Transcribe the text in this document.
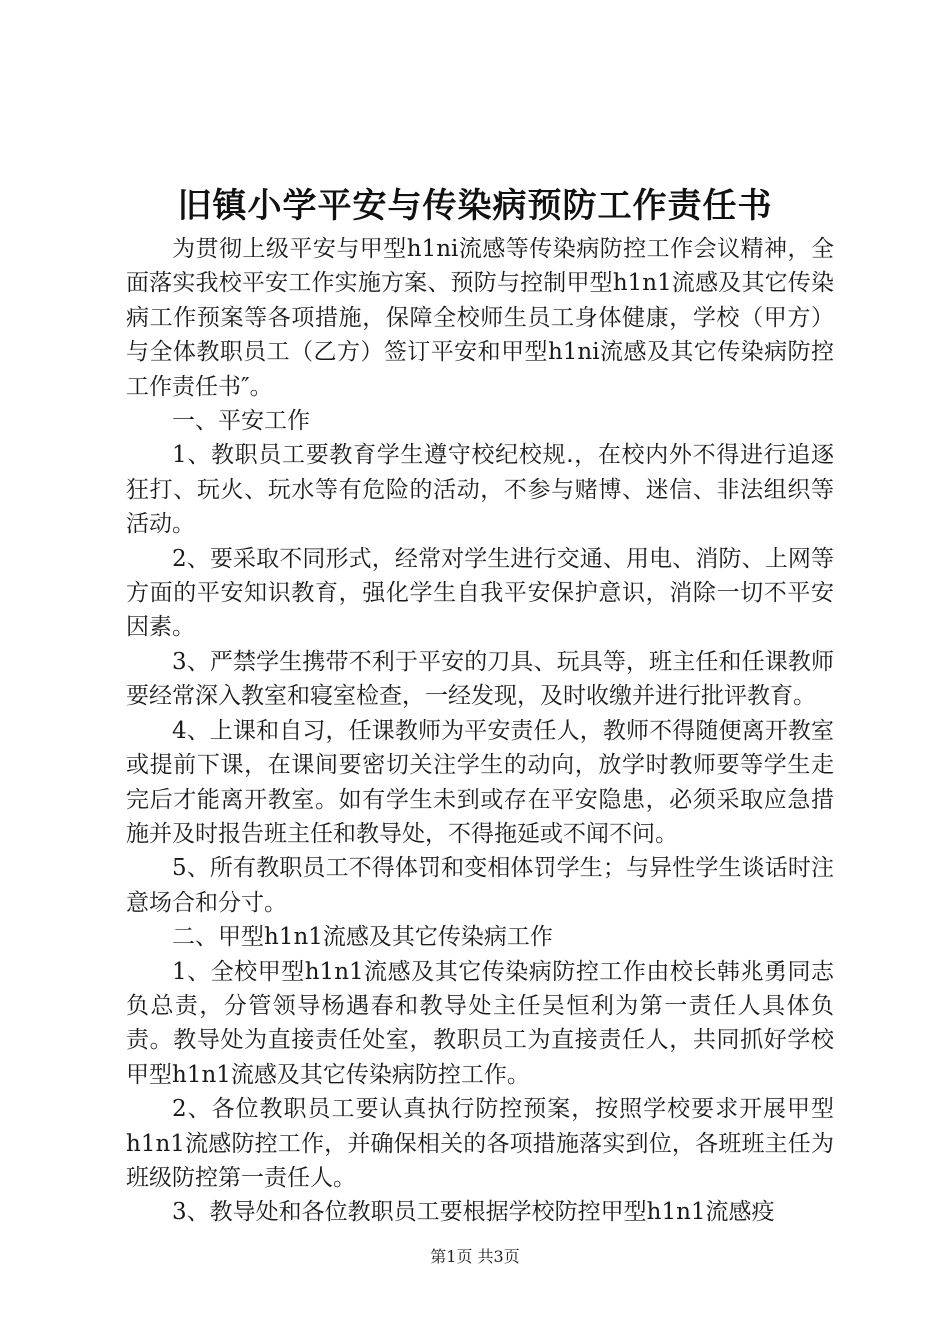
旧镇小学平安与传染病预防工作责任书

为贯彻上级平安与甲型h1ni流感等传染病防控工作会议精神，全面落实我校平安工作实施方案、预防与控制甲型h1n1流感及其它传染病工作预案等各项措施，保障全校师生员工身体健康，学校（甲方）与全体教职员工（乙方）签订平安和甲型h1ni流感及其它传染病防控工作责任书″。

一、平安工作

1、教职员工要教育学生遵守校纪校规.，在校内外不得进行追逐狂打、玩火、玩水等有危险的活动，不参与赌博、迷信、非法组织等活动。

2、要采取不同形式，经常对学生进行交通、用电、消防、上网等方面的平安知识教育，强化学生自我平安保护意识，消除一切不平安因素。

3、严禁学生携带不利于平安的刀具、玩具等，班主任和任课教师要经常深入教室和寝室检查，一经发现，及时收缴并进行批评教育。

4、上课和自习，任课教师为平安责任人，教师不得随便离开教室或提前下课，在课间要密切关注学生的动向，放学时教师要等学生走完后才能离开教室。如有学生未到或存在平安隐患，必须采取应急措施并及时报告班主任和教导处，不得拖延或不闻不问。

5、所有教职员工不得体罚和变相体罚学生；与异性学生谈话时注意场合和分寸。

二、甲型h1n1流感及其它传染病工作

1、全校甲型h1n1流感及其它传染病防控工作由校长韩兆勇同志负总责，分管领导杨遇春和教导处主任吴恒利为第一责任人具体负责。教导处为直接责任处室，教职员工为直接责任人，共同抓好学校甲型h1n1流感及其它传染病防控工作。

2、各位教职员工要认真执行防控预案，按照学校要求开展甲型h1n1流感防控工作，并确保相关的各项措施落实到位，各班班主任为班级防控第一责任人。

3、教导处和各位教职员工要根据学校防控甲型h1n1流感疫

第1页 共3页
